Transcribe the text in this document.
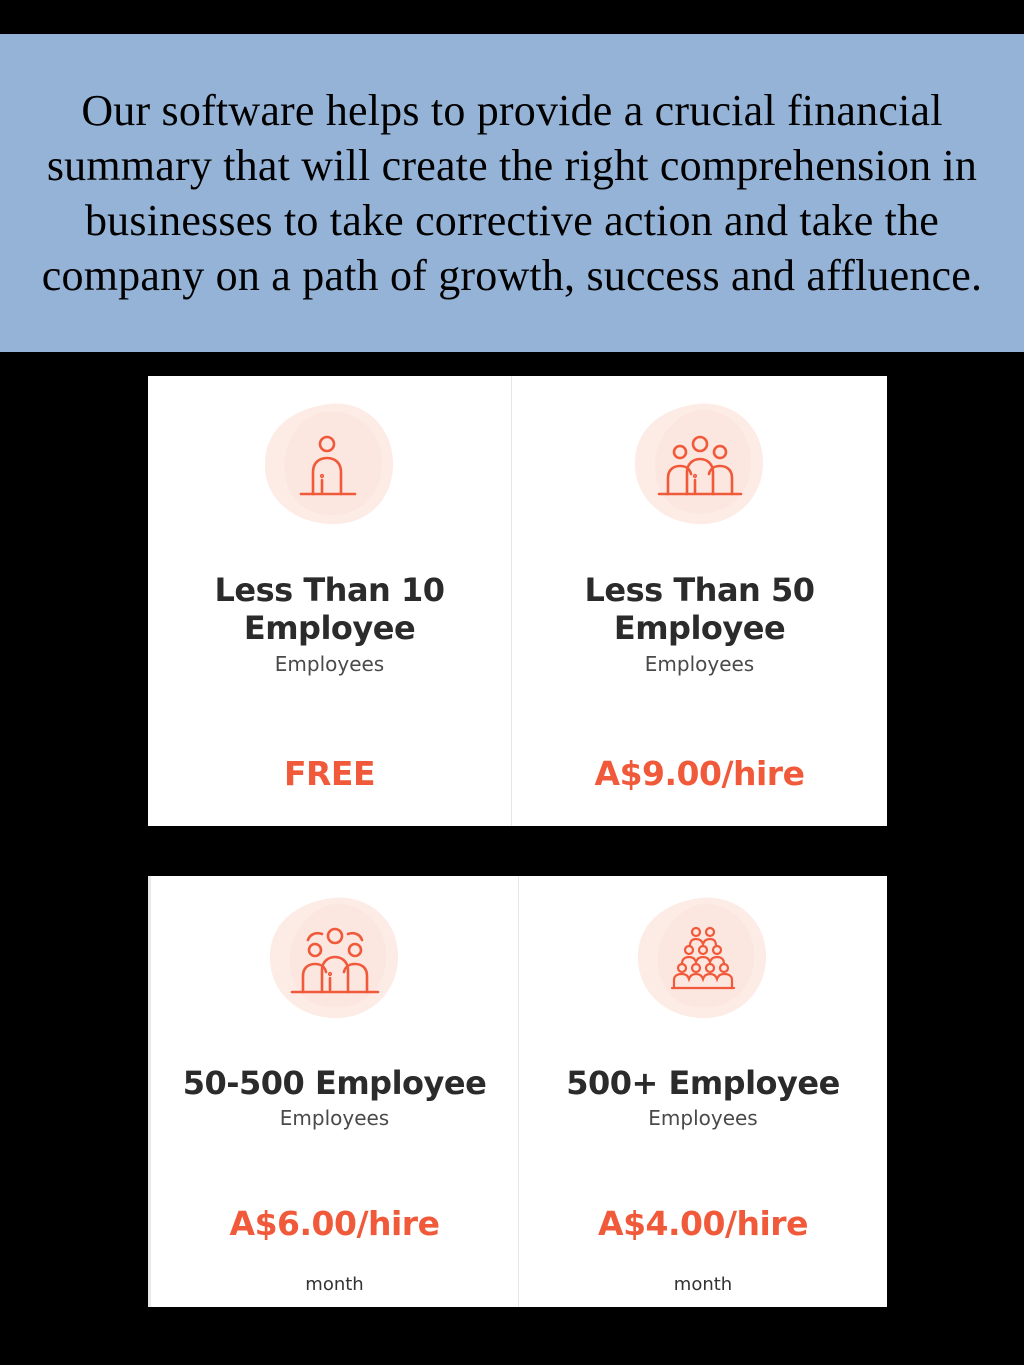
Our software helps to provide a crucial financial summary that will create the right comprehension in businesses to take corrective action and take the company on a path of growth, success and affluence.

Less Than 10
Employee
Employees
FREE
Less Than 50
Employee
Employees
A$9.00/hire
50-500 Employee
Employees
A$6.00/hire
month
500+ Employee
Employees
A$4.00/hire
month
